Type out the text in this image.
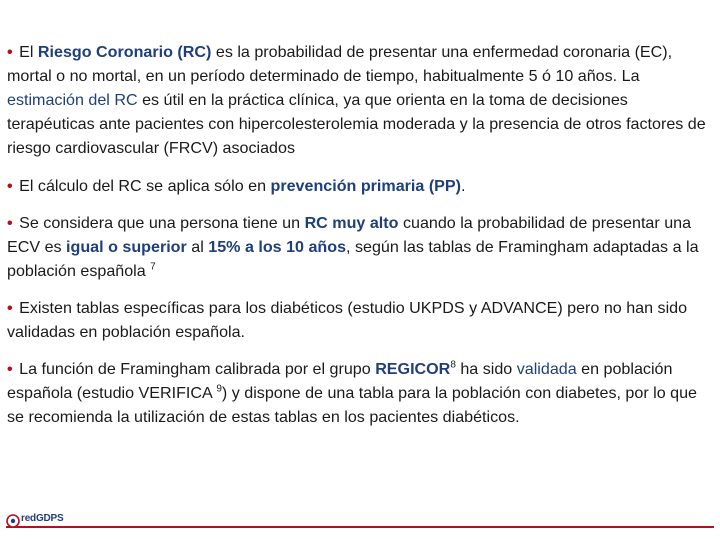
• El Riesgo Coronario (RC) es la probabilidad de presentar una enfermedad coronaria (EC), mortal o no mortal, en un período determinado de tiempo, habitualmente 5 ó 10 años. La estimación del RC es útil en la práctica clínica, ya que orienta en la toma de decisiones terapéuticas ante pacientes con hipercolesterolemia moderada y la presencia de otros factores de riesgo cardiovascular (FRCV) asociados

• El cálculo del RC se aplica sólo en prevención primaria (PP).

• Se considera que una persona tiene un RC muy alto cuando la probabilidad de presentar una ECV es igual o superior al 15% a los 10 años, según las tablas de Framingham adaptadas a la población española $^7$

• Existen tablas específicas para los diabéticos (estudio UKPDS y ADVANCE) pero no han sido validadas en población española.

• La función de Framingham calibrada por el grupo REGICOR$^8$ ha sido validada en población española (estudio VERIFICA $^9$) y dispone de una tabla para la población con diabetes, por lo que se recomienda la utilización de estas tablas en los pacientes diabéticos.

redGDPS
